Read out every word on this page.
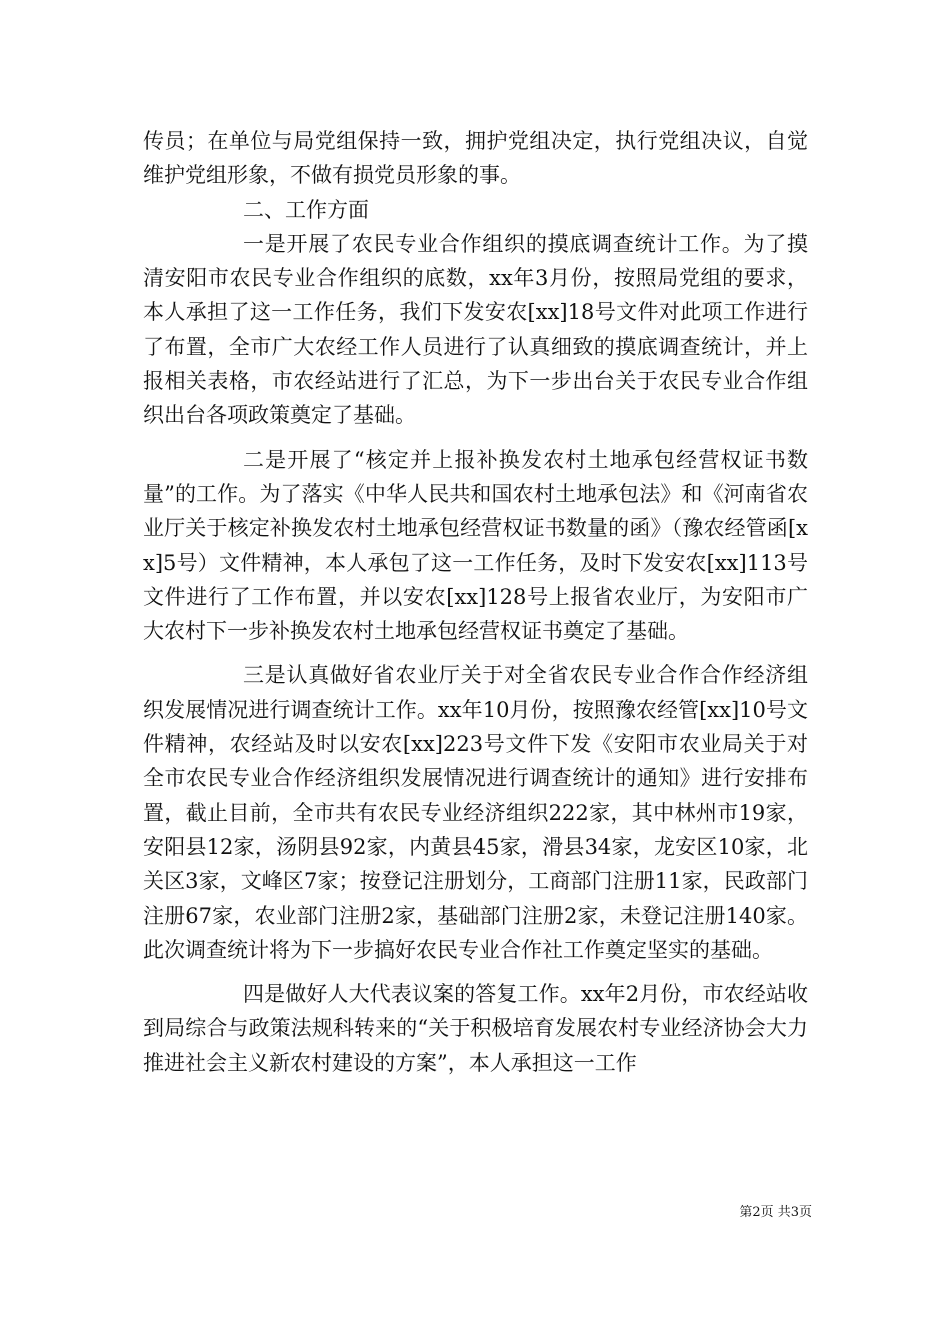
传员；在单位与局党组保持一致，拥护党组决定，执行党组决议，自觉维护党组形象，不做有损党员形象的事。

二、工作方面

一是开展了农民专业合作组织的摸底调查统计工作。为了摸清安阳市农民专业合作组织的底数，xx年3月份，按照局党组的要求，本人承担了这一工作任务，我们下发安农[xx]18号文件对此项工作进行了布置，全市广大农经工作人员进行了认真细致的摸底调查统计，并上报相关表格，市农经站进行了汇总，为下一步出台关于农民专业合作组织出台各项政策奠定了基础。

二是开展了“核定并上报补换发农村土地承包经营权证书数量”的工作。为了落实《中华人民共和国农村土地承包法》和《河南省农业厅关于核定补换发农村土地承包经营权证书数量的函》（豫农经管函[xx]5号）文件精神，本人承包了这一工作任务，及时下发安农[xx]113号文件进行了工作布置，并以安农[xx]128号上报省农业厅，为安阳市广大农村下一步补换发农村土地承包经营权证书奠定了基础。

三是认真做好省农业厅关于对全省农民专业合作合作经济组织发展情况进行调查统计工作。xx年10月份，按照豫农经管[xx]10号文件精神，农经站及时以安农[xx]223号文件下发《安阳市农业局关于对全市农民专业合作经济组织发展情况进行调查统计的通知》进行安排布置，截止目前，全市共有农民专业经济组织222家，其中林州市19家，安阳县12家，汤阴县92家，内黄县45家，滑县34家，龙安区10家，北关区3家，文峰区7家；按登记注册划分，工商部门注册11家，民政部门注册67家，农业部门注册2家，基础部门注册2家，未登记注册140家。此次调查统计将为下一步搞好农民专业合作社工作奠定坚实的基础。

四是做好人大代表议案的答复工作。xx年2月份，市农经站收到局综合与政策法规科转来的“关于积极培育发展农村专业经济协会大力推进社会主义新农村建设的方案”，本人承担这一工作

第2页 共3页
